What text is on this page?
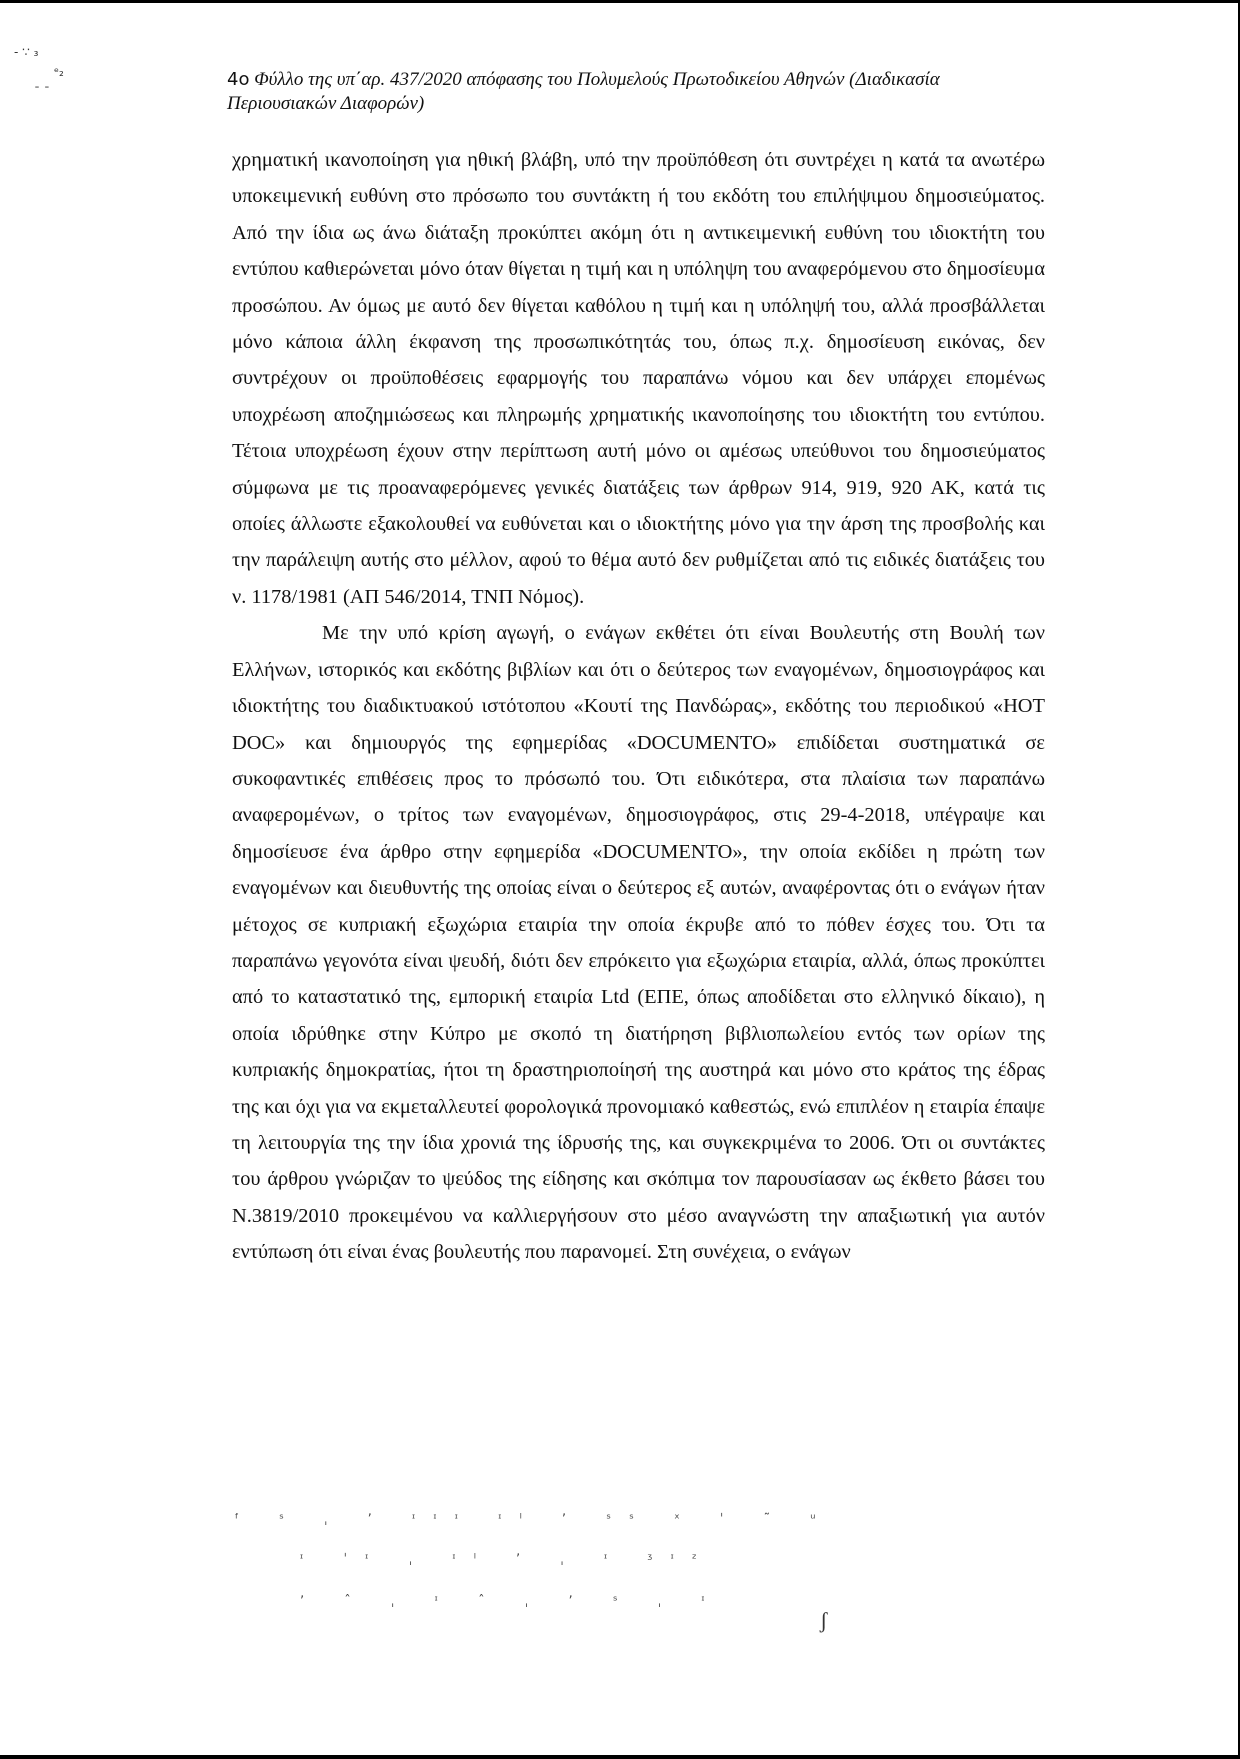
- ∵ ₃
ᵉ₂
¯ ¯
4ο Φύλλο της υπ΄αρ. 437/2020 απόφασης του Πολυμελούς Πρωτοδικείου Αθηνών (Διαδικασία
Περιουσιακών Διαφορών)

χρηματική ικανοποίηση για ηθική βλάβη, υπό την προϋπόθεση ότι συντρέχει η κατά τα ανωτέρω υποκειμενική ευθύνη στο πρόσωπο του συντάκτη ή του εκδότη του επιλήψιμου δημοσιεύματος. Από την ίδια ως άνω διάταξη προκύπτει ακόμη ότι η αντικειμενική ευθύνη του ιδιοκτήτη του εντύπου καθιερώνεται μόνο όταν θίγεται η τιμή και η υπόληψη του αναφερόμενου στο δημοσίευμα προσώπου. Αν όμως με αυτό δεν θίγεται καθόλου η τιμή και η υπόληψή του, αλλά προσβάλλεται μόνο κάποια άλλη έκφανση της προσωπικότητάς του, όπως π.χ. δημοσίευση εικόνας, δεν συντρέχουν οι προϋποθέσεις εφαρμογής του παραπάνω νόμου και δεν υπάρχει επομένως υποχρέωση αποζημιώσεως και πληρωμής χρηματικής ικανοποίησης του ιδιοκτήτη του εντύπου. Τέτοια υποχρέωση έχουν στην περίπτωση αυτή μόνο οι αμέσως υπεύθυνοι του δημοσιεύματος σύμφωνα με τις προαναφερόμενες γενικές διατάξεις των άρθρων 914, 919, 920 ΑΚ, κατά τις οποίες άλλωστε εξακολουθεί να ευθύνεται και ο ιδιοκτήτης μόνο για την άρση της προσβολής και την παράλειψη αυτής στο μέλλον, αφού το θέμα αυτό δεν ρυθμίζεται από τις ειδικές διατάξεις του ν. 1178/1981 (ΑΠ 546/2014, ΤΝΠ Νόμος).

Με την υπό κρίση αγωγή, ο ενάγων εκθέτει ότι είναι Βουλευτής στη Βουλή των Ελλήνων, ιστορικός και εκδότης βιβλίων και ότι ο δεύτερος των εναγομένων, δημοσιογράφος και ιδιοκτήτης του διαδικτυακού ιστότοπου «Κουτί της Πανδώρας», εκδότης του περιοδικού «HOT DOC» και δημιουργός της εφημερίδας «DOCUMENTO» επιδίδεται συστηματικά σε συκοφαντικές επιθέσεις προς το πρόσωπό του. Ότι ειδικότερα, στα πλαίσια των παραπάνω αναφερομένων, ο τρίτος των εναγομένων, δημοσιογράφος, στις 29-4-2018, υπέγραψε και δημοσίευσε ένα άρθρο στην εφημερίδα «DOCUMENTO», την οποία εκδίδει η πρώτη των εναγομένων και διευθυντής της οποίας είναι ο δεύτερος εξ αυτών, αναφέροντας ότι ο ενάγων ήταν μέτοχος σε κυπριακή εξωχώρια εταιρία την οποία έκρυβε από το πόθεν έσχες του. Ότι τα παραπάνω γεγονότα είναι ψευδή, διότι δεν επρόκειτο για εξωχώρια εταιρία, αλλά, όπως προκύπτει από το καταστατικό της, εμπορική εταιρία Ltd (ΕΠΕ, όπως αποδίδεται στο ελληνικό δίκαιο), η οποία ιδρύθηκε στην Κύπρο με σκοπό τη διατήρηση βιβλιοπωλείου εντός των ορίων της κυπριακής δημοκρατίας, ήτοι τη δραστηριοποίησή της αυστηρά και μόνο στο κράτος της έδρας της και όχι για να εκμεταλλευτεί φορολογικά προνομιακό καθεστώς, ενώ επιπλέον η εταιρία έπαψε τη λειτουργία της την ίδια χρονιά της ίδρυσής της, και συγκεκριμένα το 2006. Ότι οι συντάκτες του άρθρου γνώριζαν το ψεύδος της είδησης και σκόπιμα τον παρουσίασαν ως έκθετο βάσει του Ν.3819/2010 προκειμένου να καλλιεργήσουν στο μέσο αναγνώστη την απαξιωτική για αυτόν εντύπωση ότι είναι ένας βουλευτής που παρανομεί. Στη συνέχεια, ο ενάγων

ᶠ ˢ ˌ ʼ ᶦᶦᶦ ᶦˡ ʼ ˢˢ ˣ ˈ ˜ ᵘ
ᶦ ˈᶦ ˌ ᶦˡ ʼ ˌ ᶦ ᶾᶦᶻ
ʼ ˆ ˌ ᶦ ˆ ˌ ʼ ˢ ˌ ᶦ
ʃ
